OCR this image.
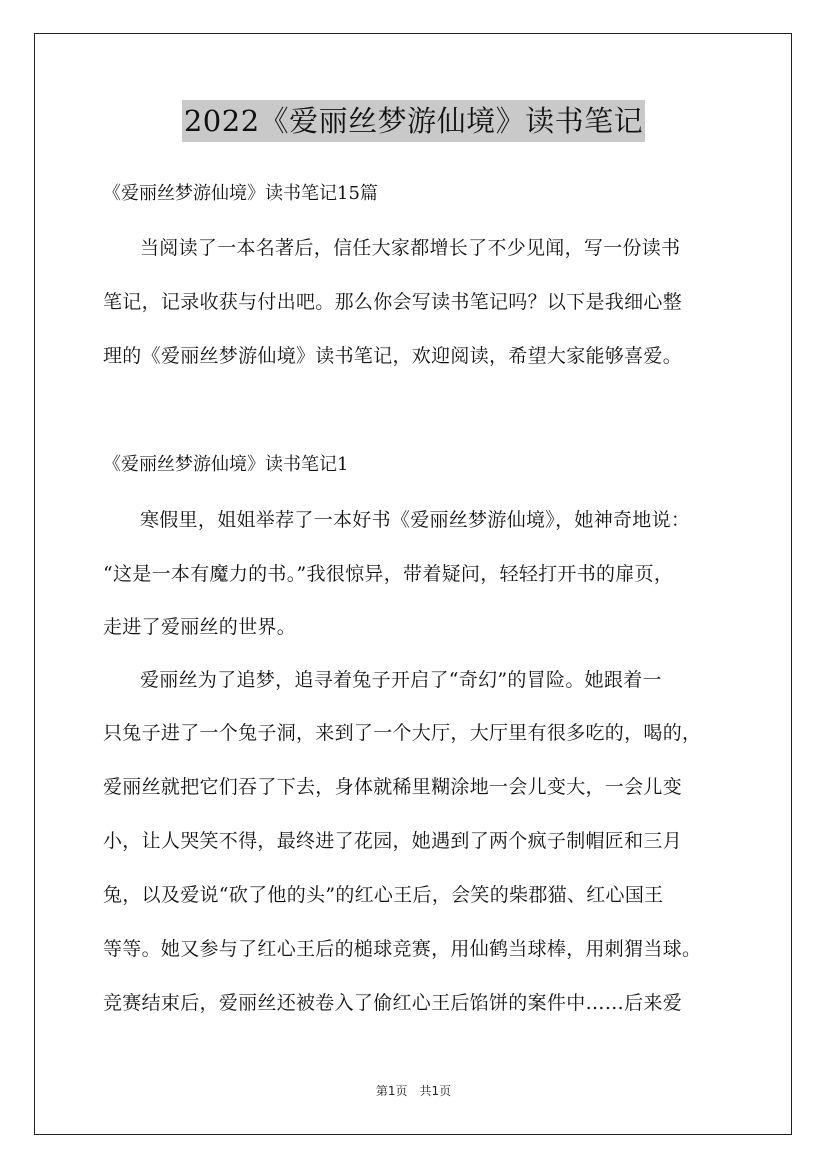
2022《爱丽丝梦游仙境》读书笔记
《爱丽丝梦游仙境》读书笔记15篇
当阅读了一本名著后，信任大家都增长了不少见闻，写一份读书
笔记，记录收获与付出吧。那么你会写读书笔记吗？以下是我细心整
理的《爱丽丝梦游仙境》读书笔记，欢迎阅读，希望大家能够喜爱。
《爱丽丝梦游仙境》读书笔记1
寒假里，姐姐举荐了一本好书《爱丽丝梦游仙境》，她神奇地说：
“这是一本有魔力的书。”我很惊异，带着疑问，轻轻打开书的扉页，
走进了爱丽丝的世界。
爱丽丝为了追梦，追寻着兔子开启了“奇幻”的冒险。她跟着一
只兔子进了一个兔子洞，来到了一个大厅，大厅里有很多吃的，喝的，
爱丽丝就把它们吞了下去，身体就稀里糊涂地一会儿变大，一会儿变
小，让人哭笑不得，最终进了花园，她遇到了两个疯子制帽匠和三月
兔，以及爱说“砍了他的头”的红心王后，会笑的柴郡猫、红心国王
等等。她又参与了红心王后的槌球竞赛，用仙鹤当球棒，用刺猬当球。
竞赛结束后，爱丽丝还被卷入了偷红心王后馅饼的案件中……后来爱
第1页　共1页
